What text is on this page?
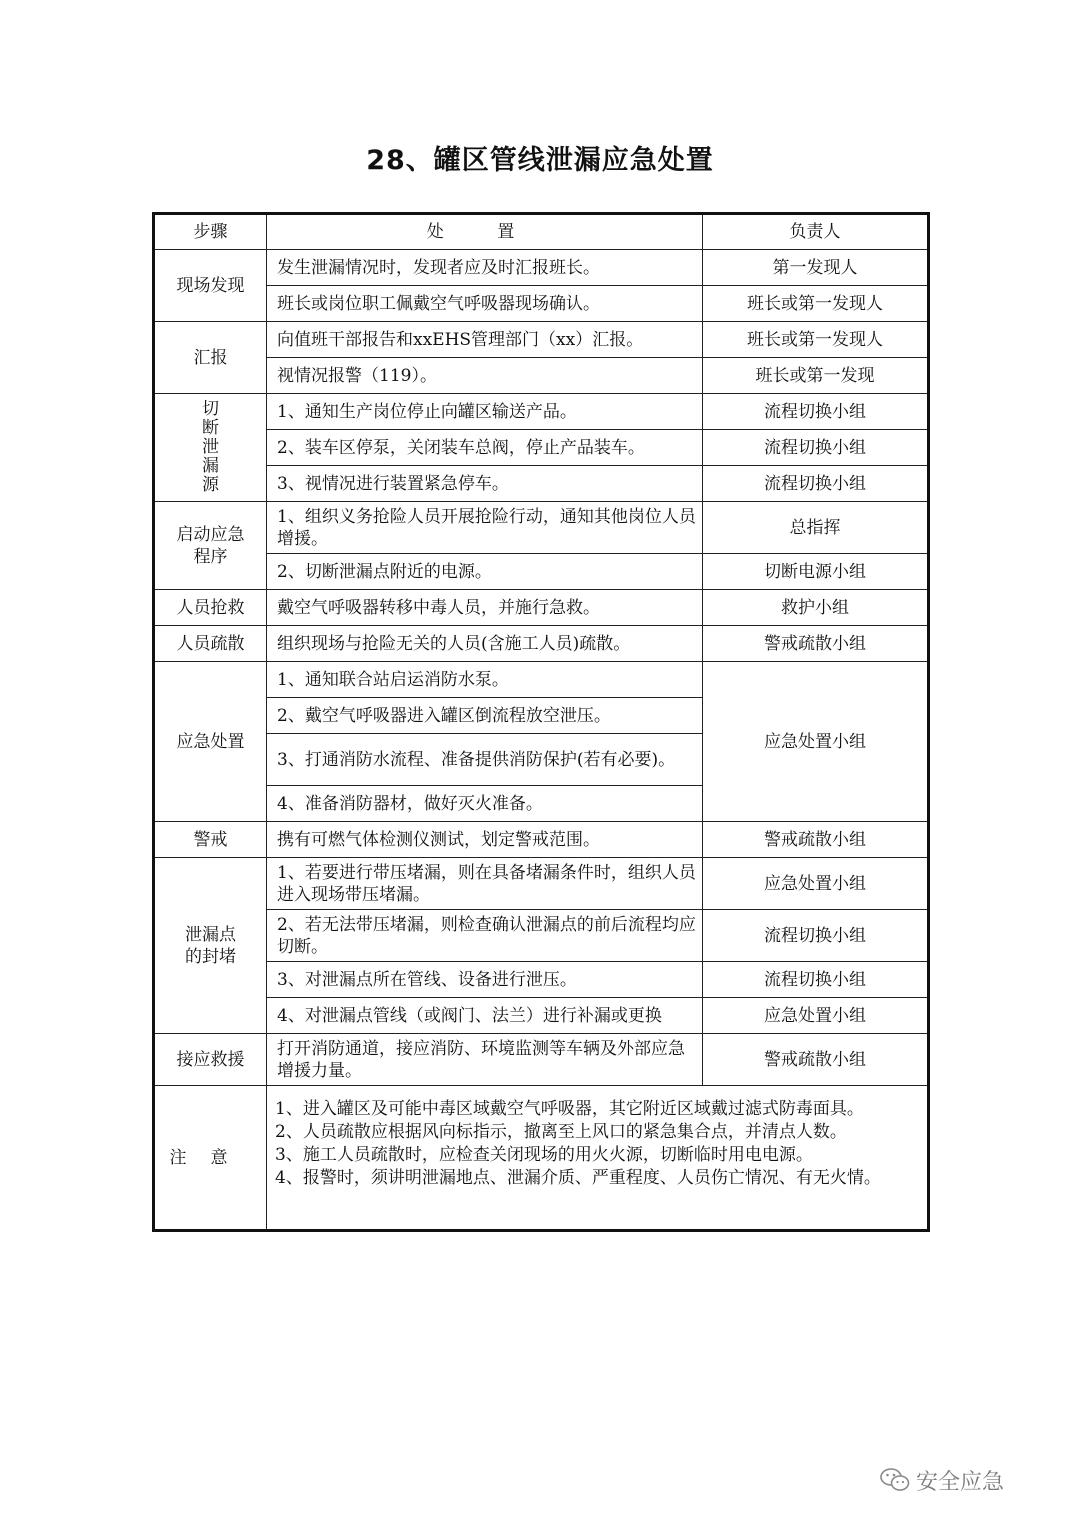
28、罐区管线泄漏应急处置
步骤	处 置	负责人
现场发现	发生泄漏情况时，发现者应及时汇报班长。	第一发现人
	班长或岗位职工佩戴空气呼吸器现场确认。	班长或第一发现人
汇报	向值班干部报告和xxEHS管理部门（xx）汇报。	班长或第一发现人
	视情况报警（119）。	班长或第一发现
切断泄漏源	1、通知生产岗位停止向罐区输送产品。	流程切换小组
	2、装车区停泵，关闭装车总阀，停止产品装车。	流程切换小组
	3、视情况进行装置紧急停车。	流程切换小组
启动应急程序	1、组织义务抢险人员开展抢险行动，通知其他岗位人员增援。	总指挥
	2、切断泄漏点附近的电源。	切断电源小组
人员抢救	戴空气呼吸器转移中毒人员，并施行急救。	救护小组
人员疏散	组织现场与抢险无关的人员(含施工人员)疏散。	警戒疏散小组
应急处置	1、通知联合站启运消防水泵。	应急处置小组
	2、戴空气呼吸器进入罐区倒流程放空泄压。	
	3、打通消防水流程、准备提供消防保护(若有必要)。	
	4、准备消防器材，做好灭火准备。	
警戒	携有可燃气体检测仪测试，划定警戒范围。	警戒疏散小组
泄漏点的封堵	1、若要进行带压堵漏，则在具备堵漏条件时，组织人员进入现场带压堵漏。	应急处置小组
	2、若无法带压堵漏，则检查确认泄漏点的前后流程均应切断。	流程切换小组
	3、对泄漏点所在管线、设备进行泄压。	流程切换小组

	4、对泄漏点管线（或阀门、法兰）进行补漏或更换	应急处置小组
接应救援	打开消防通道，接应消防、环境监测等车辆及外部应急增援力量。	警戒疏散小组
注意	1、进入罐区及可能中毒区域戴空气呼吸器，其它附近区域戴过滤式防毒面具。
2、人员疏散应根据风向标指示，撤离至上风口的紧急集合点，并清点人数。
3、施工人员疏散时，应检查关闭现场的用火火源，切断临时用电电源。
4、报警时，须讲明泄漏地点、泄漏介质、严重程度、人员伤亡情况、有无火情。	
安全应急
